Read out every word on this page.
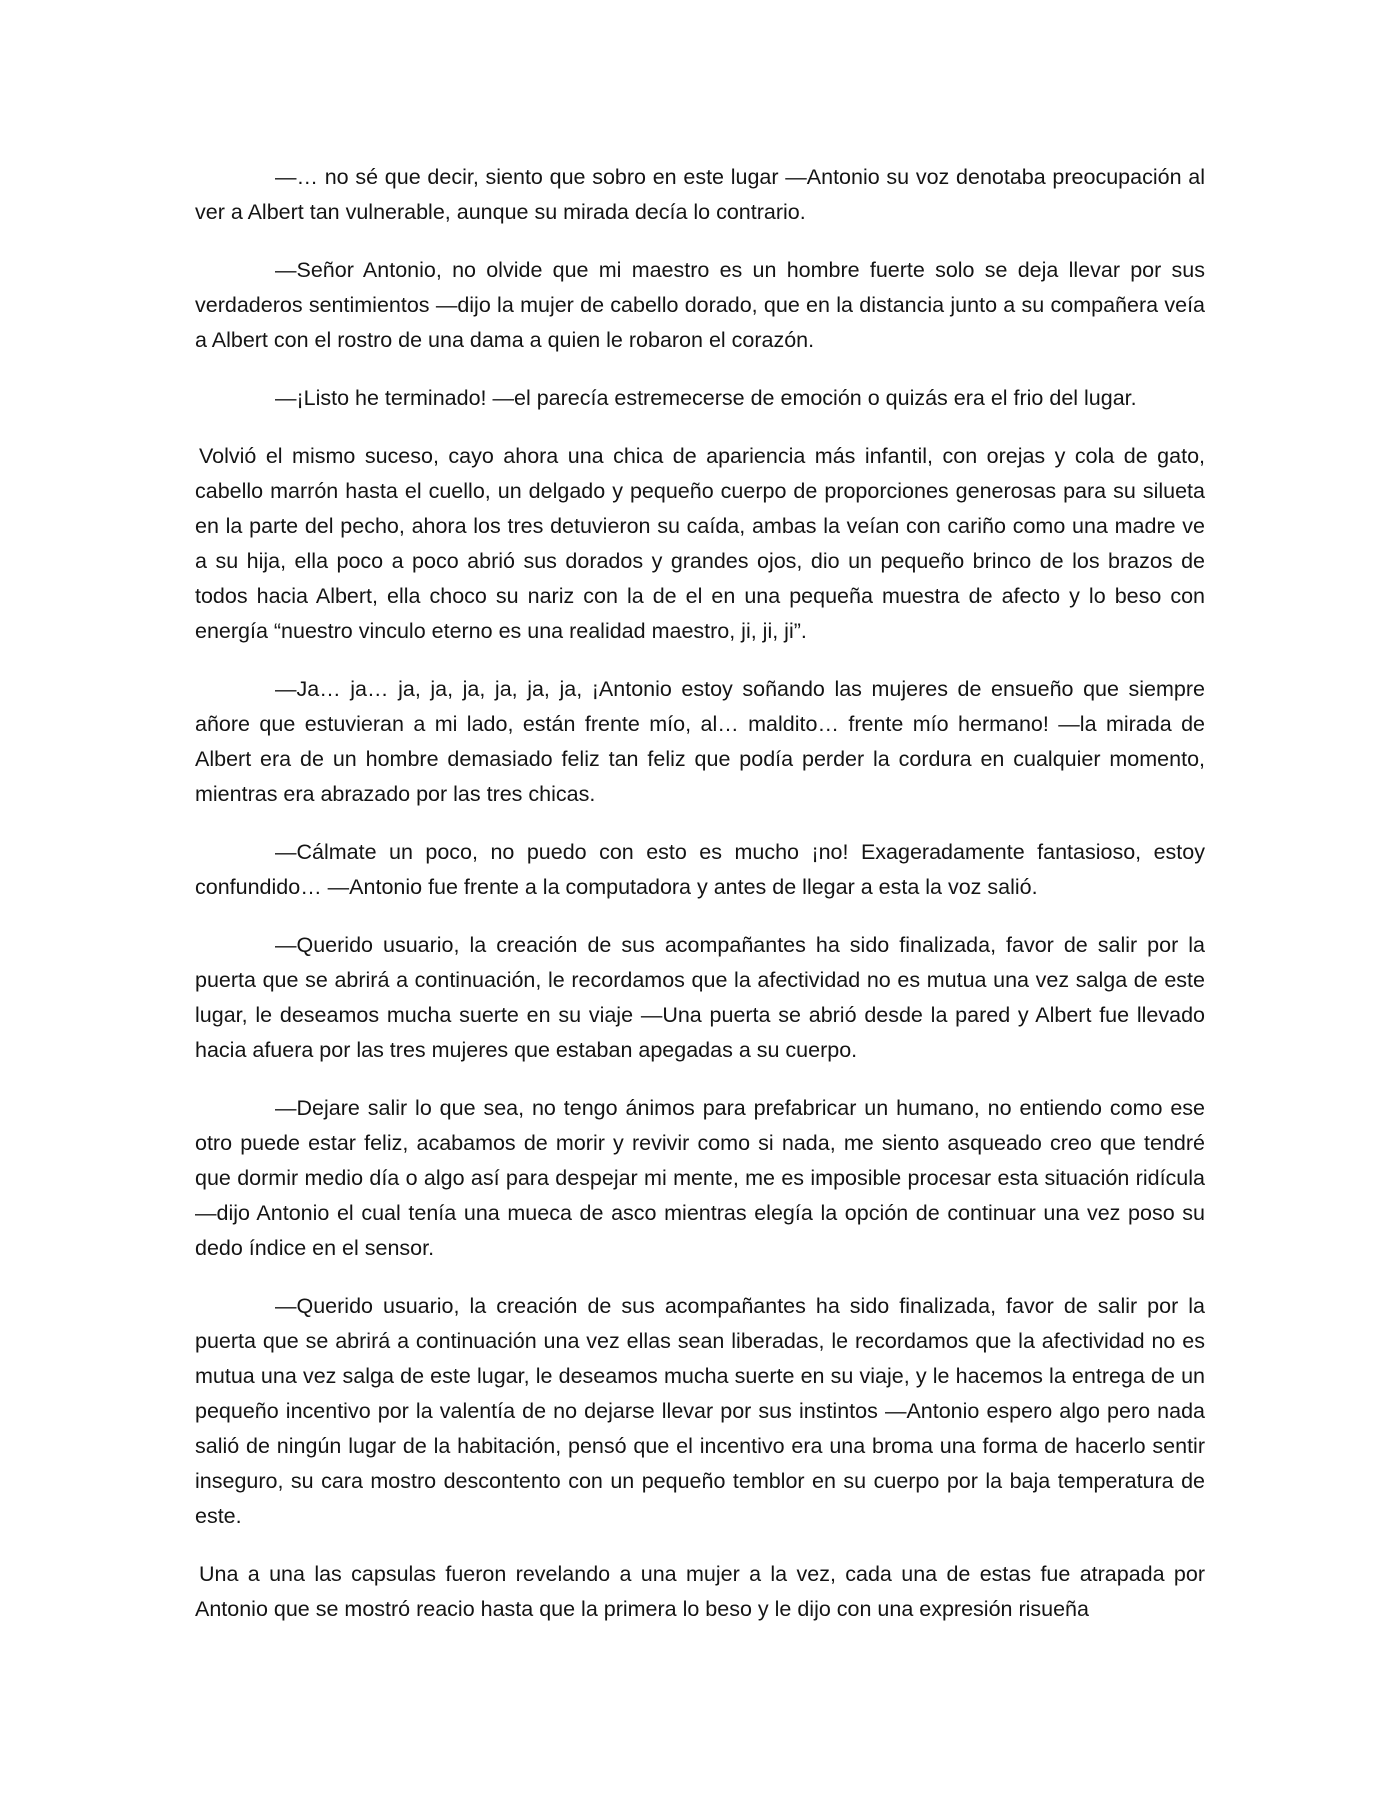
—… no sé que decir, siento que sobro en este lugar —Antonio su voz denotaba preocupación al ver a Albert tan vulnerable, aunque su mirada decía lo contrario.

—Señor Antonio, no olvide que mi maestro es un hombre fuerte solo se deja llevar por sus verdaderos sentimientos —dijo la mujer de cabello dorado, que en la distancia junto a su compañera veía a Albert con el rostro de una dama a quien le robaron el corazón.

—¡Listo he terminado! —el parecía estremecerse de emoción o quizás era el frio del lugar.

Volvió el mismo suceso, cayo ahora una chica de apariencia más infantil, con orejas y cola de gato, cabello marrón hasta el cuello, un delgado y pequeño cuerpo de proporciones generosas para su silueta en la parte del pecho, ahora los tres detuvieron su caída, ambas la veían con cariño como una madre ve a su hija, ella poco a poco abrió sus dorados y grandes ojos, dio un pequeño brinco de los brazos de todos hacia Albert, ella choco su nariz con la de el en una pequeña muestra de afecto y lo beso con energía “nuestro vinculo eterno es una realidad maestro, ji, ji, ji”.

—Ja… ja… ja, ja, ja, ja, ja, ja, ¡Antonio estoy soñando las mujeres de ensueño que siempre añore que estuvieran a mi lado, están frente mío, al… maldito… frente mío hermano! —la mirada de Albert era de un hombre demasiado feliz tan feliz que podía perder la cordura en cualquier momento, mientras era abrazado por las tres chicas.

—Cálmate un poco, no puedo con esto es mucho ¡no! Exageradamente fantasioso, estoy confundido… —Antonio fue frente a la computadora y antes de llegar a esta la voz salió.

—Querido usuario, la creación de sus acompañantes ha sido finalizada, favor de salir por la puerta que se abrirá a continuación, le recordamos que la afectividad no es mutua una vez salga de este lugar, le deseamos mucha suerte en su viaje —Una puerta se abrió desde la pared y Albert fue llevado hacia afuera por las tres mujeres que estaban apegadas a su cuerpo.

—Dejare salir lo que sea, no tengo ánimos para prefabricar un humano, no entiendo como ese otro puede estar feliz, acabamos de morir y revivir como si nada, me siento asqueado creo que tendré que dormir medio día o algo así para despejar mi mente, me es imposible procesar esta situación ridícula —dijo Antonio el cual tenía una mueca de asco mientras elegía la opción de continuar una vez poso su dedo índice en el sensor.

—Querido usuario, la creación de sus acompañantes ha sido finalizada, favor de salir por la puerta que se abrirá a continuación una vez ellas sean liberadas, le recordamos que la afectividad no es mutua una vez salga de este lugar, le deseamos mucha suerte en su viaje, y le hacemos la entrega de un pequeño incentivo por la valentía de no dejarse llevar por sus instintos —Antonio espero algo pero nada salió de ningún lugar de la habitación, pensó que el incentivo era una broma una forma de hacerlo sentir inseguro, su cara mostro descontento con un pequeño temblor en su cuerpo por la baja temperatura de este.

Una a una las capsulas fueron revelando a una mujer a la vez, cada una de estas fue atrapada por Antonio que se mostró reacio hasta que la primera lo beso y le dijo con una expresión risueña
